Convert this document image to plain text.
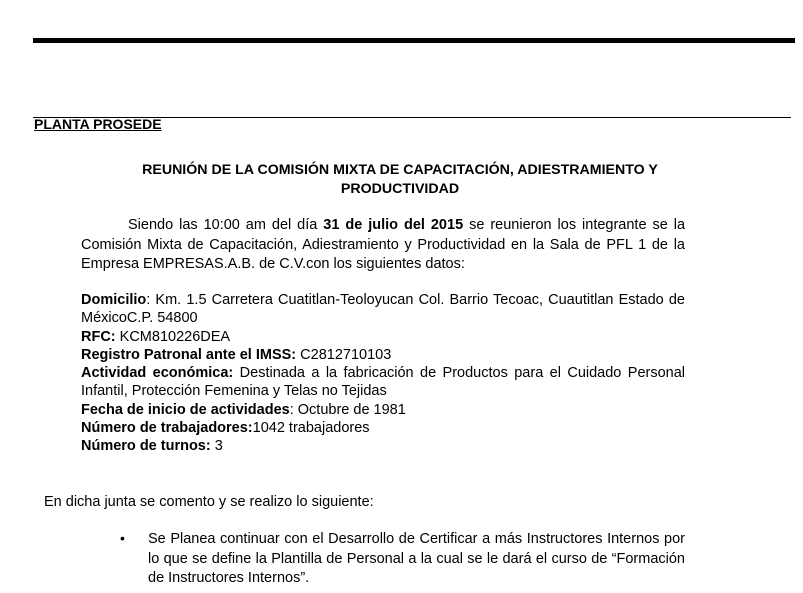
PLANTA PROSEDE
REUNIÓN DE LA COMISIÓN MIXTA DE CAPACITACIÓN, ADIESTRAMIENTO Y
PRODUCTIVIDAD
Siendo las 10:00 am del día 31 de julio del 2015 se reunieron los integrante se la Comisión Mixta de Capacitación, Adiestramiento y Productividad en la Sala de PFL 1 de la Empresa EMPRESAS.A.B. de C.V.con los siguientes datos:

Domicilio: Km. 1.5 Carretera Cuatitlan-Teoloyucan Col. Barrio Tecoac, Cuautitlan Estado de MéxicoC.P. 54800

RFC: KCM810226DEA

Registro Patronal ante el IMSS: C2812710103

Actividad económica: Destinada a la fabricación de Productos para el Cuidado Personal Infantil, Protección Femenina y Telas no Tejidas

Fecha de inicio de actividades: Octubre de 1981

Número de trabajadores:1042 trabajadores

Número de turnos: 3

En dicha junta se comento y se realizo lo siguiente:
• Se Planea continuar con el Desarrollo de Certificar a más Instructores Internos por lo que se define la Plantilla de Personal a la cual se le dará el curso de “Formación de Instructores Internos”.
